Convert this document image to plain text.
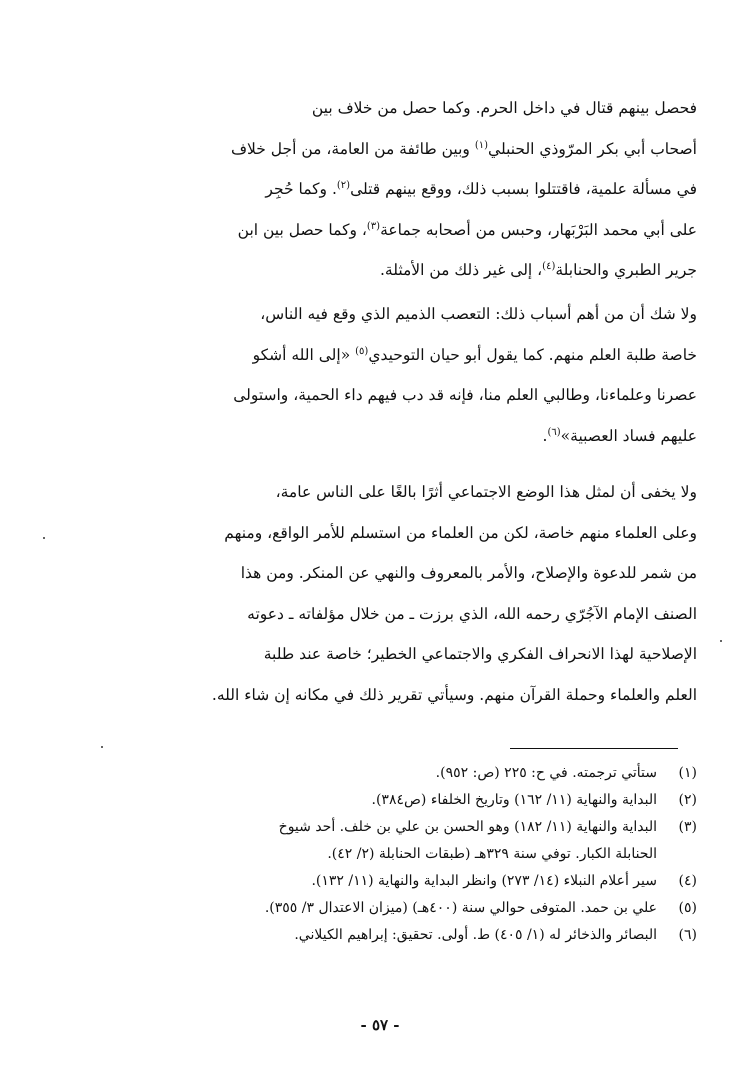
فحصل بينهم قتال في داخل الحرم. وكما حصل من خلاف بين
أصحاب أبي بكر المرّوذي الحنبلي$^{(١)}$ وبين طائفة من العامة، من أجل خلاف
في مسألة علمية، فاقتتلوا بسبب ذلك، ووقع بينهم قتلى$^{(٢)}$. وكما حُجِر
على أبي محمد البَرْبَهار، وحبس من أصحابه جماعة$^{(٣)}$، وكما حصل بين ابن
جرير الطبري والحنابلة$^{(٤)}$، إلى غير ذلك من الأمثلة.
ولا شك أن من أهم أسباب ذلك: التعصب الذميم الذي وقع فيه الناس،
خاصة طلبة العلم منهم. كما يقول أبو حيان التوحيدي$^{(٥)}$ «إلى الله أشكو
عصرنا وعلماءنا، وطالبي العلم منا، فإنه قد دب فيهم داء الحمية، واستولى
عليهم فساد العصبية»$^{(٦)}$.
ولا يخفى أن لمثل هذا الوضع الاجتماعي أثرًا بالغًا على الناس عامة،
وعلى العلماء منهم خاصة، لكن من العلماء من استسلم للأمر الواقع، ومنهم
من شمر للدعوة والإصلاح، والأمر بالمعروف والنهي عن المنكر. ومن هذا
الصنف الإمام الآجُرّي رحمه الله، الذي برزت ـ من خلال مؤلفاته ـ دعوته
الإصلاحية لهذا الانحراف الفكري والاجتماعي الخطير؛ خاصة عند طلبة
العلم والعلماء وحملة القرآن منهم. وسيأتي تقرير ذلك في مكانه إن شاء الله.
(١)
ستأتي ترجمته. في ح: ٢٢٥ (ص: ٩٥٢).
(٢)
البداية والنهاية (١١/ ١٦٢) وتاريخ الخلفاء (ص٣٨٤).
(٣)
البداية والنهاية (١١/ ١٨٢) وهو الحسن بن علي بن خلف. أحد شيوخ
الحنابلة الكبار. توفي سنة ٣٢٩هـ (طبقات الحنابلة (٢/ ٤٢).
(٤)
سير أعلام النبلاء (١٤/ ٢٧٣) وانظر البداية والنهاية (١١/ ١٣٢).
(٥)
علي بن حمد. المتوفى حوالي سنة (٤٠٠هـ) (ميزان الاعتدال ٣/ ٣٥٥).
(٦)
البصائر والذخائر له (١/ ٤٠٥) ط. أولى. تحقيق: إبراهيم الكيلاني.
- ٥٧ -
